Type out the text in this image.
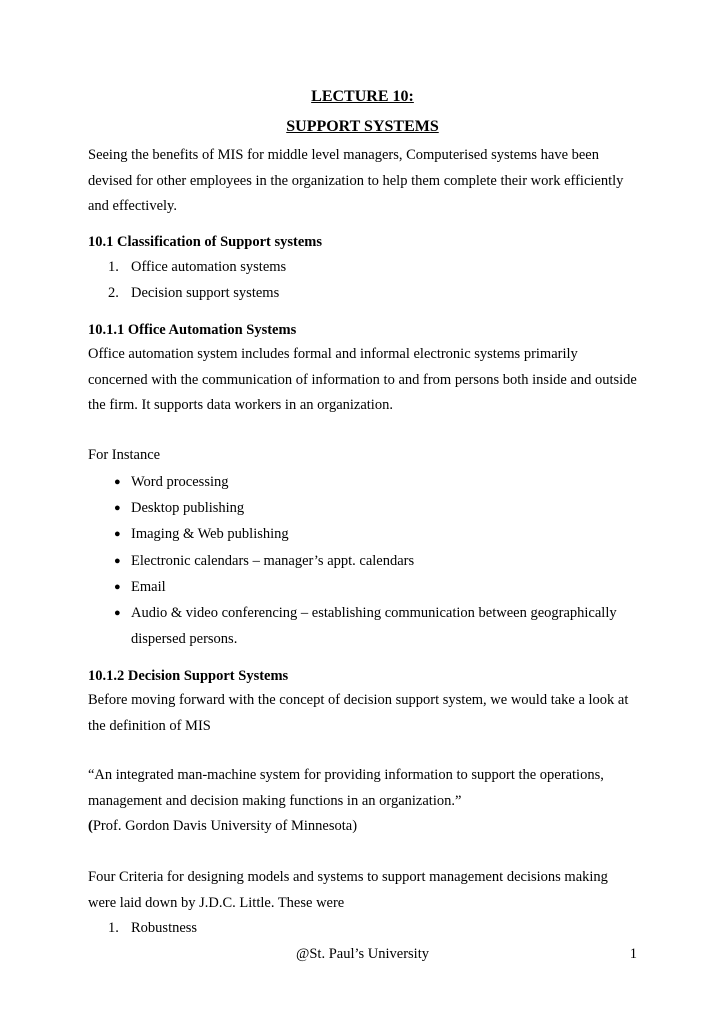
LECTURE 10:
SUPPORT SYSTEMS
Seeing the benefits of MIS for middle level managers, Computerised systems have been devised for other employees in the organization to help them complete their work efficiently and effectively.
10.1 Classification of Support systems
1. Office automation systems
2. Decision support systems
10.1.1 Office Automation Systems
Office automation system includes formal and informal electronic systems primarily concerned with the communication of information to and from persons both inside and outside the firm. It supports data workers in an organization.
For Instance
● Word processing
● Desktop publishing
● Imaging & Web publishing
● Electronic calendars – manager’s appt. calendars
● Email
● Audio & video conferencing – establishing communication between geographically dispersed persons.
10.1.2 Decision Support Systems
Before moving forward with the concept of decision support system, we would take a look at the definition of MIS
“An integrated man-machine system for providing information to support the operations, management and decision making functions in an organization.”
(Prof. Gordon Davis University of Minnesota)
Four Criteria for designing models and systems to support management decisions making were laid down by J.D.C. Little. These were
1. Robustness
@St. Paul’s University	1
